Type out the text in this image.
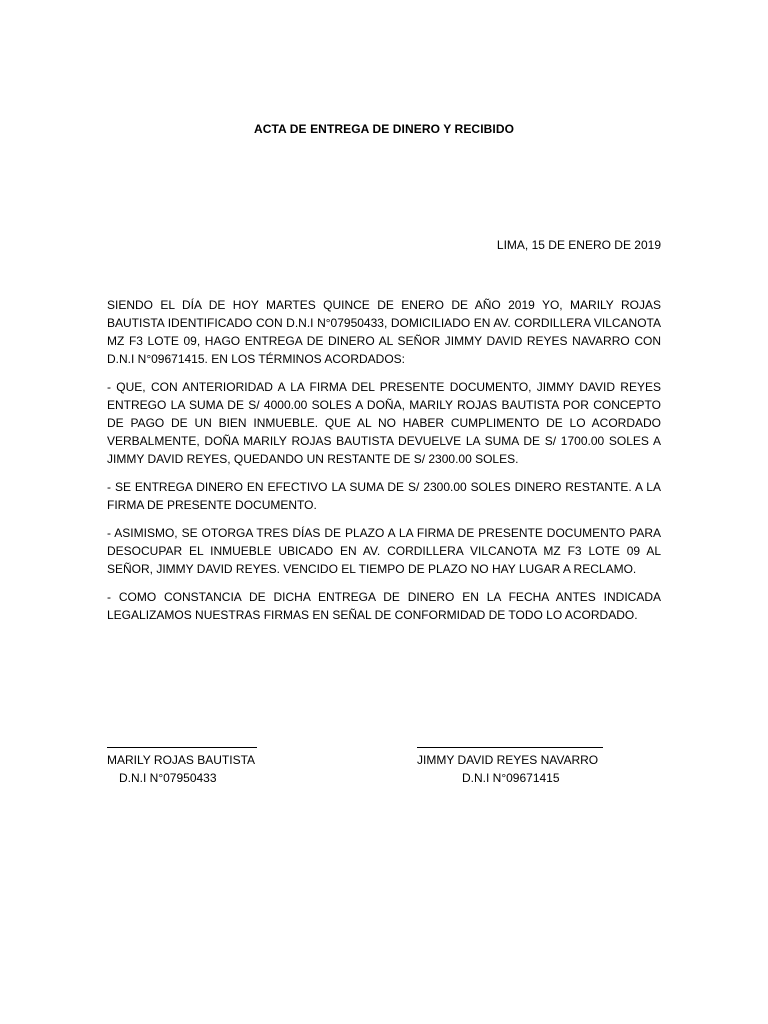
ACTA DE ENTREGA DE DINERO Y RECIBIDO
LIMA, 15 DE ENERO DE 2019

SIENDO EL DÍA DE HOY MARTES QUINCE DE ENERO DE AÑO 2019 YO, MARILY ROJAS BAUTISTA IDENTIFICADO CON D.N.I N°07950433, DOMICILIADO EN AV. CORDILLERA VILCANOTA MZ F3 LOTE 09, HAGO ENTREGA DE DINERO AL SEÑOR JIMMY DAVID REYES NAVARRO CON D.N.I N°09671415. EN LOS TÉRMINOS ACORDADOS:

- QUE, CON ANTERIORIDAD A LA FIRMA DEL PRESENTE DOCUMENTO, JIMMY DAVID REYES ENTREGO LA SUMA DE S/ 4000.00 SOLES A DOÑA, MARILY ROJAS BAUTISTA POR CONCEPTO DE PAGO DE UN BIEN INMUEBLE. QUE AL NO HABER CUMPLIMENTO DE LO ACORDADO VERBALMENTE, DOÑA MARILY ROJAS BAUTISTA DEVUELVE LA SUMA DE S/ 1700.00 SOLES A JIMMY DAVID REYES, QUEDANDO UN RESTANTE DE S/ 2300.00 SOLES.

- SE ENTREGA DINERO EN EFECTIVO LA SUMA DE S/ 2300.00 SOLES DINERO RESTANTE. A LA FIRMA DE PRESENTE DOCUMENTO.

- ASIMISMO, SE OTORGA TRES DÍAS DE PLAZO A LA FIRMA DE PRESENTE DOCUMENTO PARA DESOCUPAR EL INMUEBLE UBICADO EN AV. CORDILLERA VILCANOTA MZ F3 LOTE 09 AL SEÑOR, JIMMY DAVID REYES. VENCIDO EL TIEMPO DE PLAZO NO HAY LUGAR A RECLAMO.

- COMO CONSTANCIA DE DICHA ENTREGA DE DINERO EN LA FECHA ANTES INDICADA LEGALIZAMOS NUESTRAS FIRMAS EN SEÑAL DE CONFORMIDAD DE TODO LO ACORDADO.

MARILY ROJAS BAUTISTA
D.N.I N°07950433
JIMMY DAVID REYES NAVARRO
D.N.I N°09671415
